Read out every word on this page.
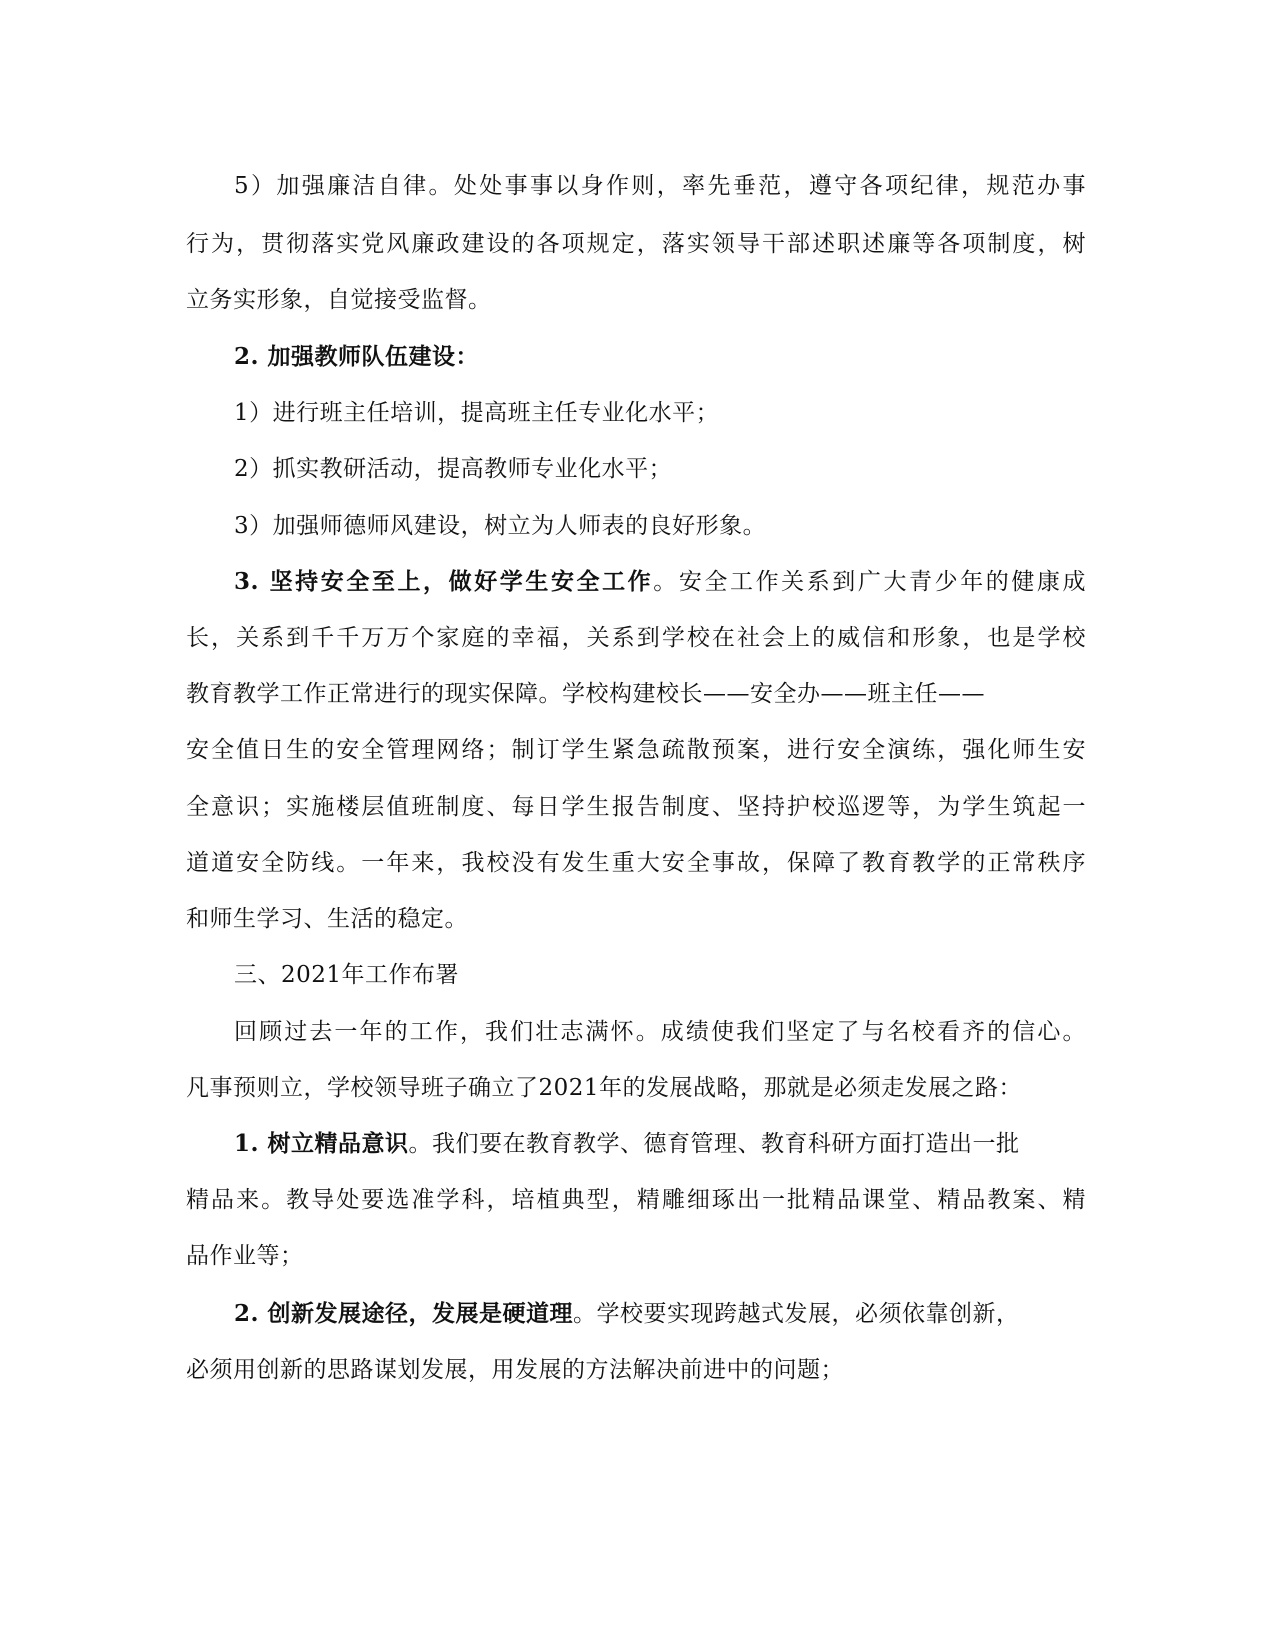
5）加强廉洁自律。处处事事以身作则，率先垂范，遵守各项纪律，规范办事
行为，贯彻落实党风廉政建设的各项规定，落实领导干部述职述廉等各项制度，树
立务实形象，自觉接受监督。
2. 加强教师队伍建设：
1）进行班主任培训，提高班主任专业化水平；
2）抓实教研活动，提高教师专业化水平；
3）加强师德师风建设，树立为人师表的良好形象。
3. 坚持安全至上，做好学生安全工作。安全工作关系到广大青少年的健康成
长，关系到千千万万个家庭的幸福，关系到学校在社会上的威信和形象，也是学校
教育教学工作正常进行的现实保障。学校构建校长——安全办——班主任——
安全值日生的安全管理网络；制订学生紧急疏散预案，进行安全演练，强化师生安
全意识；实施楼层值班制度、每日学生报告制度、坚持护校巡逻等，为学生筑起一
道道安全防线。一年来，我校没有发生重大安全事故，保障了教育教学的正常秩序
和师生学习、生活的稳定。
三、2021年工作布署
回顾过去一年的工作，我们壮志满怀。成绩使我们坚定了与名校看齐的信心。
凡事预则立，学校领导班子确立了2021年的发展战略，那就是必须走发展之路：
1. 树立精品意识。我们要在教育教学、德育管理、教育科研方面打造出一批
精品来。教导处要选准学科，培植典型，精雕细琢出一批精品课堂、精品教案、精
品作业等；
2. 创新发展途径，发展是硬道理。学校要实现跨越式发展，必须依靠创新，
必须用创新的思路谋划发展，用发展的方法解决前进中的问题；
